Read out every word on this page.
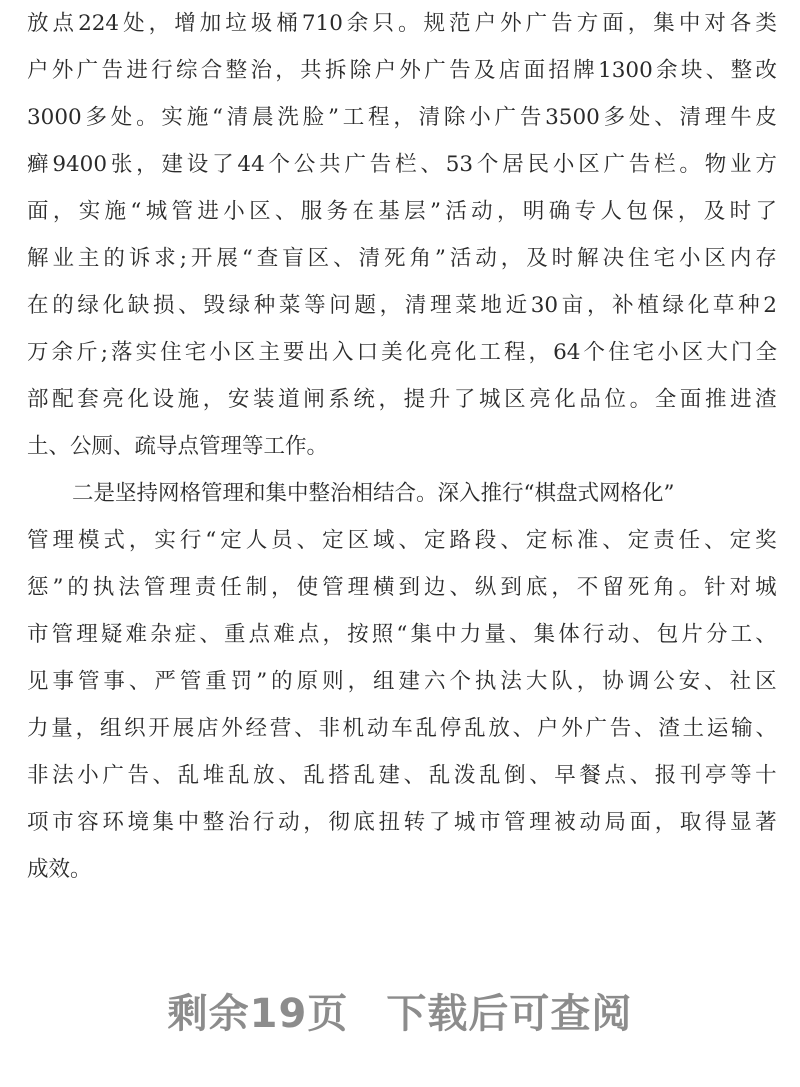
放 点 224 处 ， 增 加 垃 圾 桶 710 余 只 。 规 范 户 外 广 告 方 面 ， 集 中 对 各 类
户 外 广 告 进 行 综 合 整 治 ， 共 拆 除 户 外 广 告 及 店 面 招 牌 1300 余 块 、 整 改
3000 多 处 。 实 施 “ 清 晨 洗 脸 ” 工 程 ， 清 除 小 广 告 3500 多 处 、 清 理 牛 皮
癣 9400 张 ， 建 设 了 44 个 公 共 广 告 栏 、 53 个 居 民 小 区 广 告 栏 。 物 业 方
面 ， 实 施 “ 城 管 进 小 区 、 服 务 在 基 层 ” 活 动 ， 明 确 专 人 包 保 ， 及 时 了
解 业 主 的 诉 求 ; 开 展 “ 查 盲 区 、 清 死 角 ” 活 动 ， 及 时 解 决 住 宅 小 区 内 存
在 的 绿 化 缺 损 、 毁 绿 种 菜 等 问 题 ， 清 理 菜 地 近 30 亩 ， 补 植 绿 化 草 种 2
万 余 斤 ; 落 实 住 宅 小 区 主 要 出 入 口 美 化 亮 化 工 程 ， 64 个 住 宅 小 区 大 门 全
部 配 套 亮 化 设 施 ， 安 装 道 闸 系 统 ， 提 升 了 城 区 亮 化 品 位 。 全 面 推 进 渣
土、公厕、疏导点管理等工作。
二是坚持网格管理和集中整治相结合。深入推行“棋盘式网格化”
管 理 模 式 ， 实 行 “ 定 人 员 、 定 区 域 、 定 路 段 、 定 标 准 、 定 责 任 、 定 奖
惩 ” 的 执 法 管 理 责 任 制 ， 使 管 理 横 到 边 、 纵 到 底 ， 不 留 死 角 。 针 对 城
市 管 理 疑 难 杂 症 、 重 点 难 点 ， 按 照 “ 集 中 力 量 、 集 体 行 动 、 包 片 分 工 、
见 事 管 事 、 严 管 重 罚 ” 的 原 则 ， 组 建 六 个 执 法 大 队 ， 协 调 公 安 、 社 区
力 量 ， 组 织 开 展 店 外 经 营 、 非 机 动 车 乱 停 乱 放 、 户 外 广 告 、 渣 土 运 输 、
非 法 小 广 告 、 乱 堆 乱 放 、 乱 搭 乱 建 、 乱 泼 乱 倒 、 早 餐 点 、 报 刊 亭 等 十
项 市 容 环 境 集 中 整 治 行 动 ， 彻 底 扭 转 了 城 市 管 理 被 动 局 面 ， 取 得 显 著
成效。
剩余19页 下载后可查阅
